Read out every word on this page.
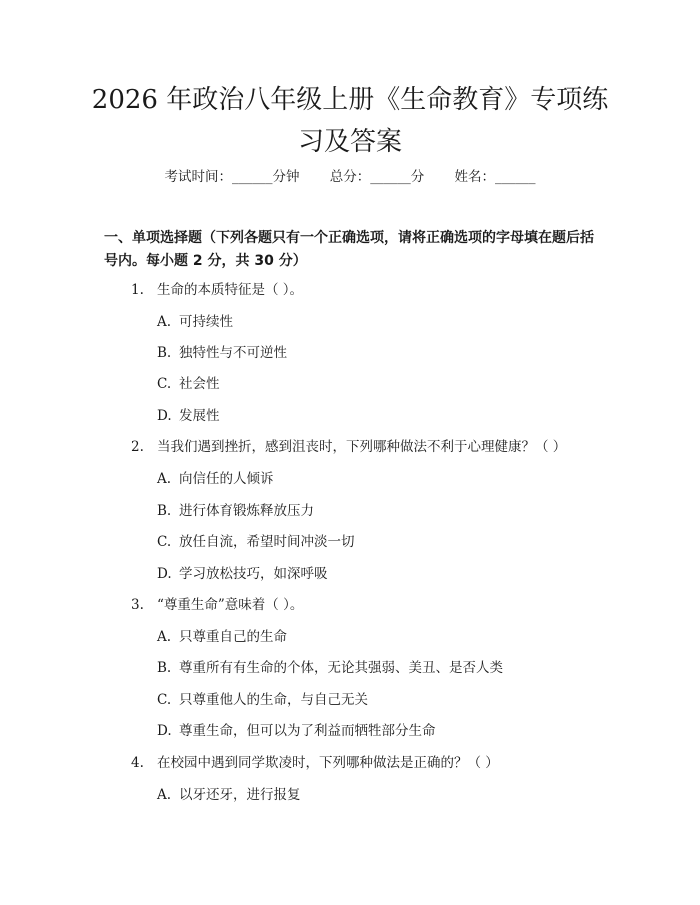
2026 年政治八年级上册《生命教育》专项练
习及答案
考试时间：______分钟 总分：______分 姓名：______
一、单项选择题（下列各题只有一个正确选项，请将正确选项的字母填在题后括号内。每小题 2 分，共 30 分）
1. 生命的本质特征是（ ）。
A. 可持续性
B. 独特性与不可逆性
C. 社会性
D. 发展性
2. 当我们遇到挫折，感到沮丧时，下列哪种做法不利于心理健康？（ ）
A. 向信任的人倾诉
B. 进行体育锻炼释放压力
C. 放任自流，希望时间冲淡一切
D. 学习放松技巧，如深呼吸
3. “尊重生命”意味着（ ）。
A. 只尊重自己的生命
B. 尊重所有有生命的个体，无论其强弱、美丑、是否人类
C. 只尊重他人的生命，与自己无关
D. 尊重生命，但可以为了利益而牺牲部分生命
4. 在校园中遇到同学欺凌时，下列哪种做法是正确的？（ ）
A. 以牙还牙，进行报复
